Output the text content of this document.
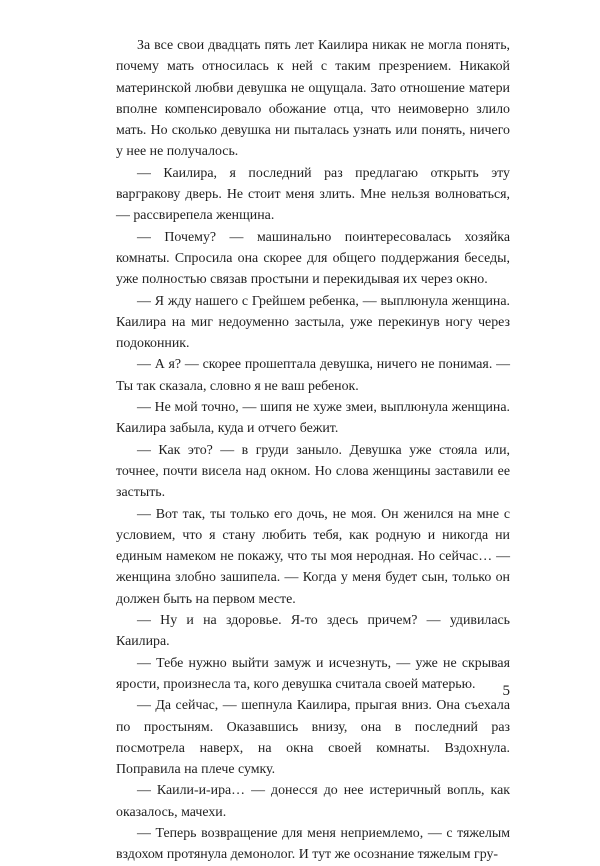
За все свои двадцать пять лет Каилира никак не могла понять, почему мать относилась к ней с таким презрением. Никакой материнской любви девушка не ощущала. Зато отношение матери вполне компенсировало обожание отца, что неимоверно злило мать. Но сколько девушка ни пыталась узнать или понять, ничего у нее не получалось.

— Каилира, я последний раз предлагаю открыть эту варгракову дверь. Не стоит меня злить. Мне нельзя волноваться, — рассвирепела женщина.

— Почему? — машинально поинтересовалась хозяйка комнаты. Спросила она скорее для общего поддержания беседы, уже полностью связав простыни и перекидывая их через окно.

— Я жду нашего с Грейшем ребенка, — выплюнула женщина. Каилира на миг недоуменно застыла, уже перекинув ногу через подоконник.

— А я? — скорее прошептала девушка, ничего не понимая. — Ты так сказала, словно я не ваш ребенок.

— Не мой точно, — шипя не хуже змеи, выплюнула женщина. Каилира забыла, куда и отчего бежит.

— Как это? — в груди заныло. Девушка уже стояла или, точнее, почти висела над окном. Но слова женщины заставили ее застыть.

— Вот так, ты только его дочь, не моя. Он женился на мне с условием, что я стану любить тебя, как родную и никогда ни единым намеком не покажу, что ты моя неродная. Но сейчас… — женщина злобно зашипела. — Когда у меня будет сын, только он должен быть на первом месте.

— Ну и на здоровье. Я-то здесь причем? — удивилась Каилира.

— Тебе нужно выйти замуж и исчезнуть, — уже не скрывая ярости, произнесла та, кого девушка считала своей матерью.

— Да сейчас, — шепнула Каилира, прыгая вниз. Она съехала по простыням. Оказавшись внизу, она в последний раз посмотрела наверх, на окна своей комнаты. Вздохнула. Поправила на плече сумку.

— Каили-и-ира… — донесся до нее истеричный вопль, как оказалось, мачехи.

— Теперь возвращение для меня неприемлемо, — с тяжелым вздохом протянула демонолог. И тут же осознание тяжелым гру-

5
